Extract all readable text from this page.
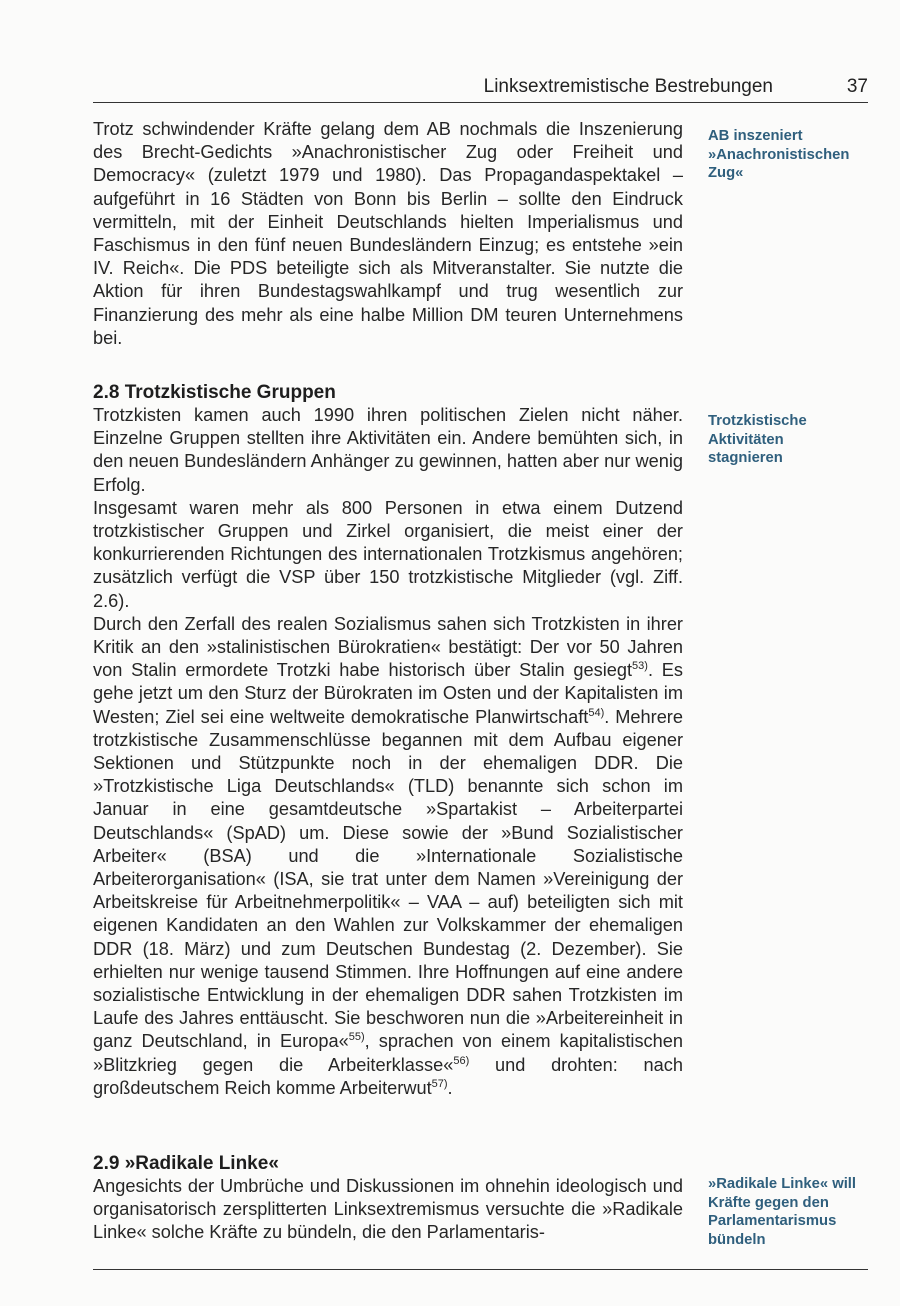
Linksextremistische Bestrebungen	37

Trotz schwindender Kräfte gelang dem AB nochmals die Inszenierung des Brecht-Gedichts »Anachronistischer Zug oder Freiheit und Democracy« (zuletzt 1979 und 1980). Das Propagandaspektakel – aufgeführt in 16 Städten von Bonn bis Berlin – sollte den Eindruck vermitteln, mit der Einheit Deutschlands hielten Imperialismus und Faschismus in den fünf neuen Bundesländern Einzug; es entstehe »ein IV. Reich«. Die PDS beteiligte sich als Mitveranstalter. Sie nutzte die Aktion für ihren Bundestagswahlkampf und trug wesentlich zur Finanzierung des mehr als eine halbe Million DM teuren Unternehmens bei.

AB inszeniert »Anachronistischen Zug«
2.8 Trotzkistische Gruppen

Trotzkisten kamen auch 1990 ihren politischen Zielen nicht näher. Einzelne Gruppen stellten ihre Aktivitäten ein. Andere bemühten sich, in den neuen Bundesländern Anhänger zu gewinnen, hatten aber nur wenig Erfolg.

Insgesamt waren mehr als 800 Personen in etwa einem Dutzend trotzkistischer Gruppen und Zirkel organisiert, die meist einer der konkurrierenden Richtungen des internationalen Trotzkismus angehören; zusätzlich verfügt die VSP über 150 trotzkistische Mitglieder (vgl. Ziff. 2.6).

Durch den Zerfall des realen Sozialismus sahen sich Trotzkisten in ihrer Kritik an den »stalinistischen Bürokratien« bestätigt: Der vor 50 Jahren von Stalin ermordete Trotzki habe historisch über Stalin gesiegt$^{53)}$. Es gehe jetzt um den Sturz der Bürokraten im Osten und der Kapitalisten im Westen; Ziel sei eine weltweite demokratische Planwirtschaft$^{54)}$. Mehrere trotzkistische Zusammenschlüsse begannen mit dem Aufbau eigener Sektionen und Stützpunkte noch in der ehemaligen DDR. Die »Trotzkistische Liga Deutschlands« (TLD) benannte sich schon im Januar in eine gesamtdeutsche »Spartakist – Arbeiterpartei Deutschlands« (SpAD) um. Diese sowie der »Bund Sozialistischer Arbeiter« (BSA) und die »Internationale Sozialistische Arbeiterorganisation« (ISA, sie trat unter dem Namen »Vereinigung der Arbeitskreise für Arbeitnehmerpolitik« – VAA – auf) beteiligten sich mit eigenen Kandidaten an den Wahlen zur Volkskammer der ehemaligen DDR (18. März) und zum Deutschen Bundestag (2. Dezember). Sie erhielten nur wenige tausend Stimmen. Ihre Hoffnungen auf eine andere sozialistische Entwicklung in der ehemaligen DDR sahen Trotzkisten im Laufe des Jahres enttäuscht. Sie beschworen nun die »Arbeitereinheit in ganz Deutschland, in Europa«$^{55)}$, sprachen von einem kapitalistischen »Blitzkrieg gegen die Arbeiterklasse«$^{56)}$ und drohten: nach großdeutschem Reich komme Arbeiterwut$^{57)}$.

Trotzkistische Aktivitäten stagnieren
2.9 »Radikale Linke«

Angesichts der Umbrüche und Diskussionen im ohnehin ideologisch und organisatorisch zersplitterten Linksextremismus versuchte die »Radikale Linke« solche Kräfte zu bündeln, die den Parlamentaris-

»Radikale Linke« will Kräfte gegen den Parlamentarismus bündeln
